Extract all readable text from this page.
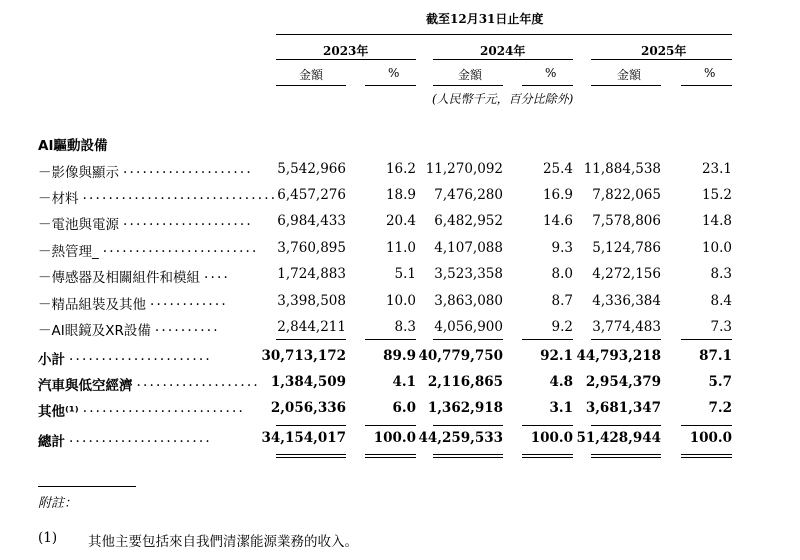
截至12月31日止年度
2023年	2024年	2025年
金額	%	金額	%	金額	%
(人民幣千元，百分比除外)
AI驅動設備
－影像與顯示 .................... 5,542,966	16.2 11,270,092	25.4 11,884,538	23.1
－材料 .............................. 6,457,276	18.9 7,476,280	16.9 7,822,065	15.2
－電池與電源 .................... 6,984,433	20.4 6,482,952	14.6 7,578,806	14.8
－熱管理_ ........................ 3,760,895	11.0 4,107,088	9.3 5,124,786	10.0
－傳感器及相關組件和模組 ....	1,724,883	5.1 3,523,358	8.0 4,272,156	8.3
－精品組裝及其他 ............	3,398,508	10.0 3,863,080	8.7 4,336,384	8.4
－AI眼鏡及XR設備 ..........	2,844,211	8.3 4,056,900	9.2 3,774,483	7.3
小計 ......................	30,713,172	89.9 40,779,750	92.1 44,793,218	87.1
汽車與低空經濟 ................... 1,384,509	4.1 2,116,865	4.8 2,954,379	5.7
其他⁽¹⁾ ......................... 2,056,336	6.0 1,362,918	3.1 3,681,347	7.2
總計 ......................	34,154,017 100.0 44,259,533 100.0 51,428,944 100.0
附註：
(1) 其他主要包括來自我們清潔能源業務的收入。
